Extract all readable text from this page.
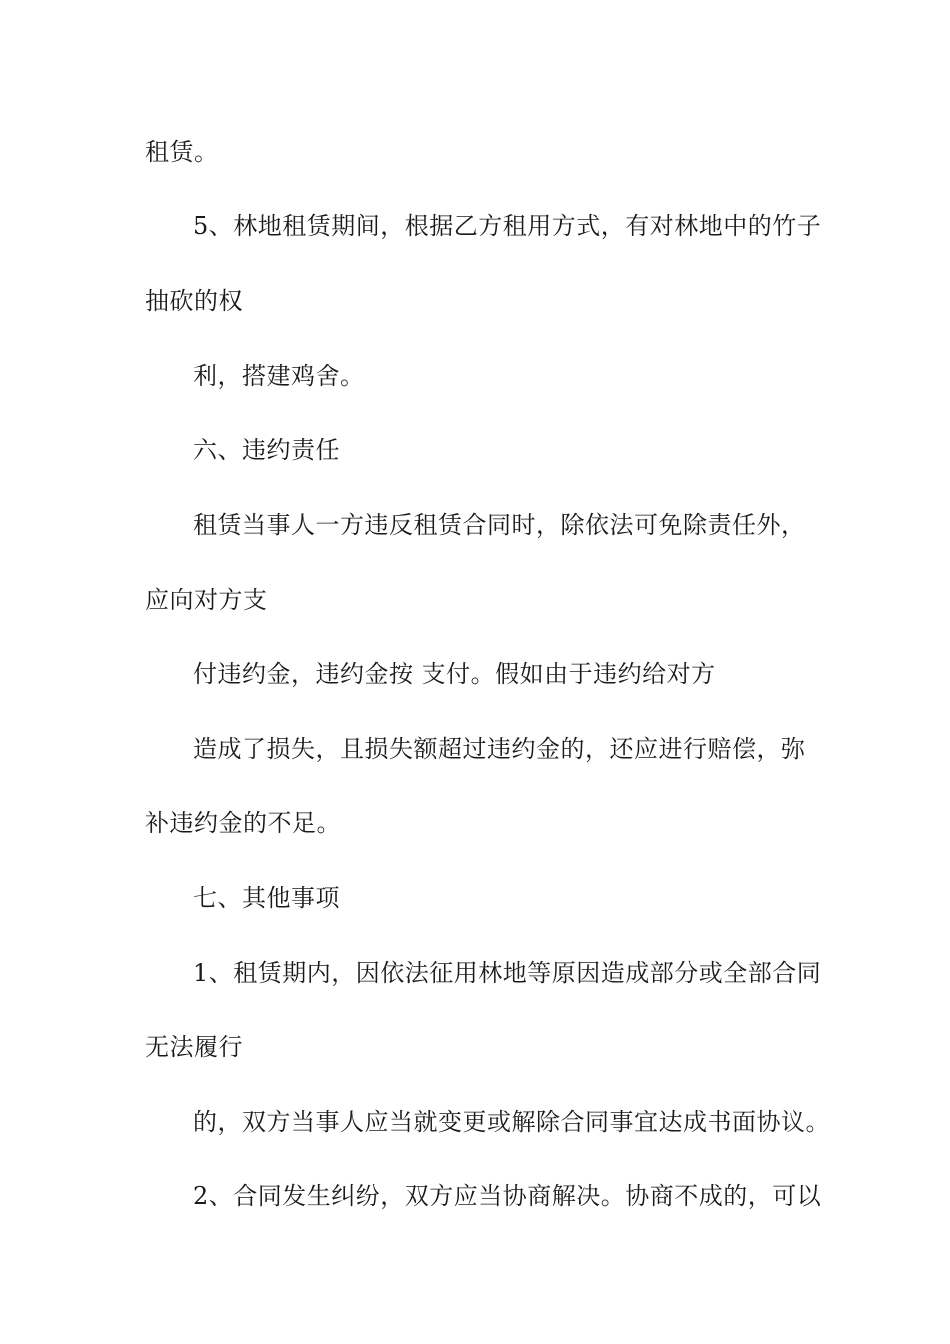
租赁。
5、林地租赁期间，根据乙方租用方式，有对林地中的竹子
抽砍的权
利，搭建鸡舍。
六、违约责任
租赁当事人一方违反租赁合同时，除依法可免除责任外，
应向对方支
付违约金，违约金按 支付。假如由于违约给对方
造成了损失，且损失额超过违约金的，还应进行赔偿，弥
补违约金的不足。
七、其他事项
1、租赁期内，因依法征用林地等原因造成部分或全部合同
无法履行
的，双方当事人应当就变更或解除合同事宜达成书面协议。
2、合同发生纠纷，双方应当协商解决。协商不成的，可以
